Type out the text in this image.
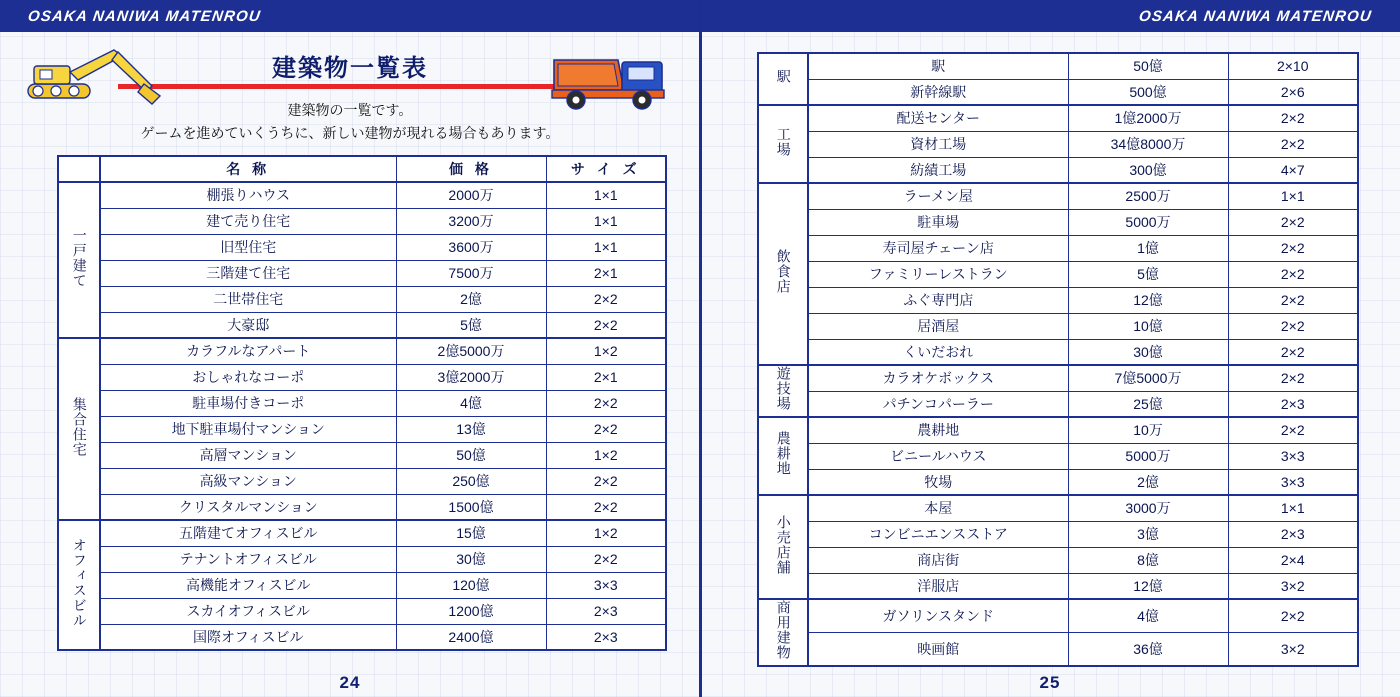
OSAKA NANIWA MATENROU
建築物一覧表
建築物の一覧です。
ゲームを進めていくうちに、新しい建物が現れる場合もあります。
	名 称	価 格	サ イ ズ
一戸建て	棚張りハウス	2000万	1×1
	建て売り住宅	3200万	1×1
	旧型住宅	3600万	1×1
	三階建て住宅	7500万	2×1
	二世帯住宅	2億	2×2
	大豪邸	5億	2×2
集合住宅	カラフルなアパート	2億5000万	1×2
	おしゃれなコーポ	3億2000万	2×1
	駐車場付きコーポ	4億	2×2
	地下駐車場付マンション	13億	2×2
	高層マンション	50億	1×2
	高級マンション	250億	2×2
	クリスタルマンション	1500億	2×2
オフィスビル	五階建てオフィスビル	15億	1×2
	テナントオフィスビル	30億	2×2
	高機能オフィスビル	120億	3×3
	スカイオフィスビル	1200億	2×3
	国際オフィスビル	2400億	2×3
24
OSAKA NANIWA MATENROU
駅	駅	50億	2×10
	新幹線駅	500億	2×6
工場	配送センター	1億2000万	2×2
	資材工場	34億8000万	2×2
	紡績工場	300億	4×7
飲食店	ラーメン屋	2500万	1×1
	駐車場	5000万	2×2
	寿司屋チェーン店	1億	2×2
	ファミリーレストラン	5億	2×2
	ふぐ専門店	12億	2×2
	居酒屋	10億	2×2
	くいだおれ	30億	2×2
遊技場	カラオケボックス	7億5000万	2×2
	パチンコパーラー	25億	2×3
農耕地	農耕地	10万	2×2
	ビニールハウス	5000万	3×3
	牧場	2億	3×3
小売店舗	本屋	3000万	1×1
	コンビニエンスストア	3億	2×3
	商店街	8億	2×4
	洋服店	12億	3×2
商用建物	ガソリンスタンド	4億	2×2
	映画館	36億	3×2
25
